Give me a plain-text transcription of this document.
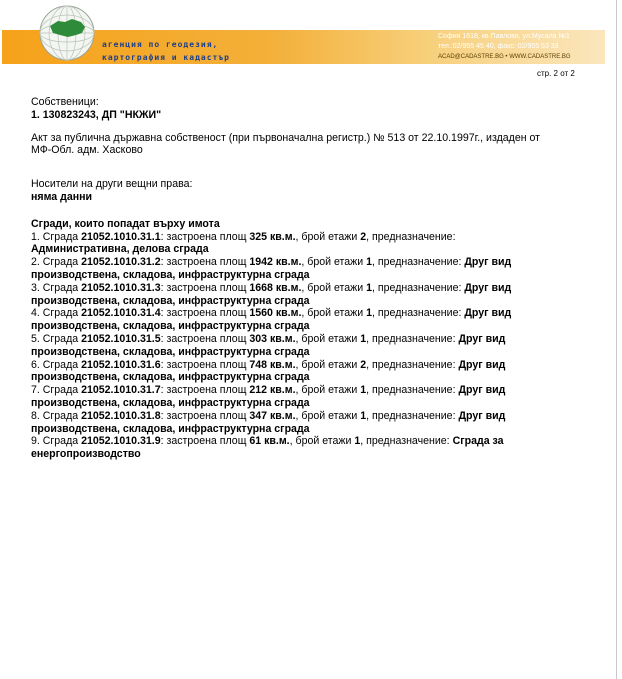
агенция по геодезия,
картография и кадастър
София 1618, кв.Павлово, ул.Мусала №1
тел.:02/955 45 40, факс: 02/955 53 33
ACAD@CADASTRE.BG • WWW.CADASTRE.BG
стр. 2 от 2

Собственици:

1. 130823243, ДП "НКЖИ"

Акт за публична държавна собственост (при първоначална регистр.) № 513 от 22.10.1997г., издаден от

МФ-Обл. адм. Хасково

Носители на други вещни права:

няма данни

Сгради, които попадат върху имота

1. Сграда 21052.1010.31.1: застроена площ 325 кв.м., брой етажи 2, предназначение:
Административна, делова сграда

2. Сграда 21052.1010.31.2: застроена площ 1942 кв.м., брой етажи 1, предназначение: Друг вид
производствена, складова, инфраструктурна сграда

3. Сграда 21052.1010.31.3: застроена площ 1668 кв.м., брой етажи 1, предназначение: Друг вид
производствена, складова, инфраструктурна сграда

4. Сграда 21052.1010.31.4: застроена площ 1560 кв.м., брой етажи 1, предназначение: Друг вид
производствена, складова, инфраструктурна сграда

5. Сграда 21052.1010.31.5: застроена площ 303 кв.м., брой етажи 1, предназначение: Друг вид
производствена, складова, инфраструктурна сграда

6. Сграда 21052.1010.31.6: застроена площ 748 кв.м., брой етажи 2, предназначение: Друг вид
производствена, складова, инфраструктурна сграда

7. Сграда 21052.1010.31.7: застроена площ 212 кв.м., брой етажи 1, предназначение: Друг вид
производствена, складова, инфраструктурна сграда

8. Сграда 21052.1010.31.8: застроена площ 347 кв.м., брой етажи 1, предназначение: Друг вид
производствена, складова, инфраструктурна сграда

9. Сграда 21052.1010.31.9: застроена площ 61 кв.м., брой етажи 1, предназначение: Сграда за
енергопроизводство
